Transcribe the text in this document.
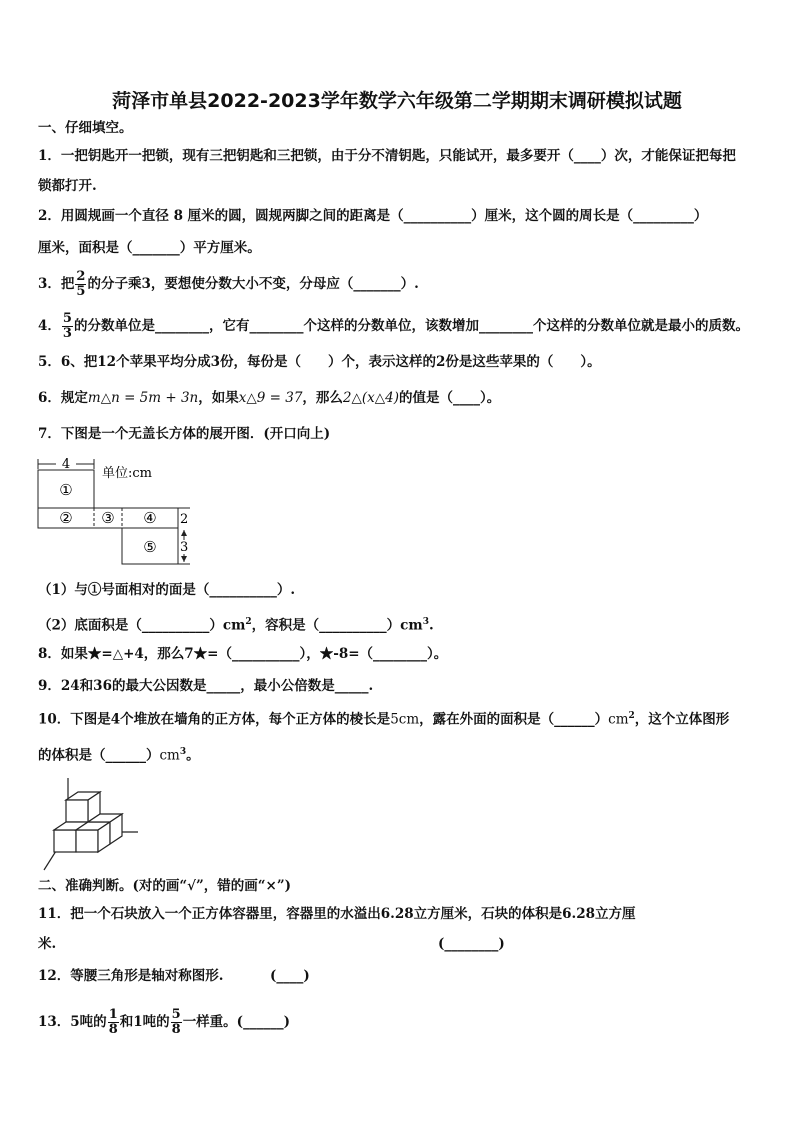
菏泽市单县2022-2023学年数学六年级第二学期期末调研模拟试题
一、仔细填空。
1．一把钥匙开一把锁，现有三把钥匙和三把锁，由于分不清钥匙，只能试开，最多要开（____）次，才能保证把每把
锁都打开.
2．用圆规画一个直径 8 厘米的圆，圆规两脚之间的距离是（__________）厘米，这个圆的周长是（_________）
厘米，面积是（_______）平方厘米。
3．把 $\frac{2}{5}$ 的分子乘3，要想使分数大小不变，分母应（_______）.
4． $\frac{5}{3}$ 的分数单位是________，它有________个这样的分数单位，该数增加________个这样的分数单位就是最小的质数。
5．6、把12个苹果平均分成3份，每份是（　　）个，表示这样的2份是这些苹果的（　　）。
6．规定m△n = 5m + 3n，如果x△9 = 37，那么2△(x△4)的值是（____）。
7．下图是一个无盖长方体的展开图．(开口向上)
4
单位:cm
①
② ③ ④
⑤
2
3
（1）与①号面相对的面是（__________）.
（2）底面积是$(\_\_\_\_\_\_\_\_\_\_)cm^2$，容积是$(\_\_\_\_\_\_\_\_\_\_)cm^3$.
8．如果★=△+4，那么7★=（__________），★-8=（________）。
9．24和36的最大公因数是_____，最小公倍数是_____.
10．下图是4个堆放在墙角的正方体，每个正方体的棱长是5cm，露在外面的面积是$(\_\_\_\_\_\_)cm^2$，这个立体图形
的体积是$(\_\_\_\_\_\_)cm^3$。
二、准确判断。(对的画“√”，错的画“×”)
11．把一个石块放入一个正方体容器里，容器里的水溢出6.28立方厘米，石块的体积是6.28立方厘
米.	(________)
12．等腰三角形是轴对称图形.	(____)
13．5吨的 $\frac{1}{8}$ 和1吨的 $\frac{5}{8}$ 一样重。(______)
